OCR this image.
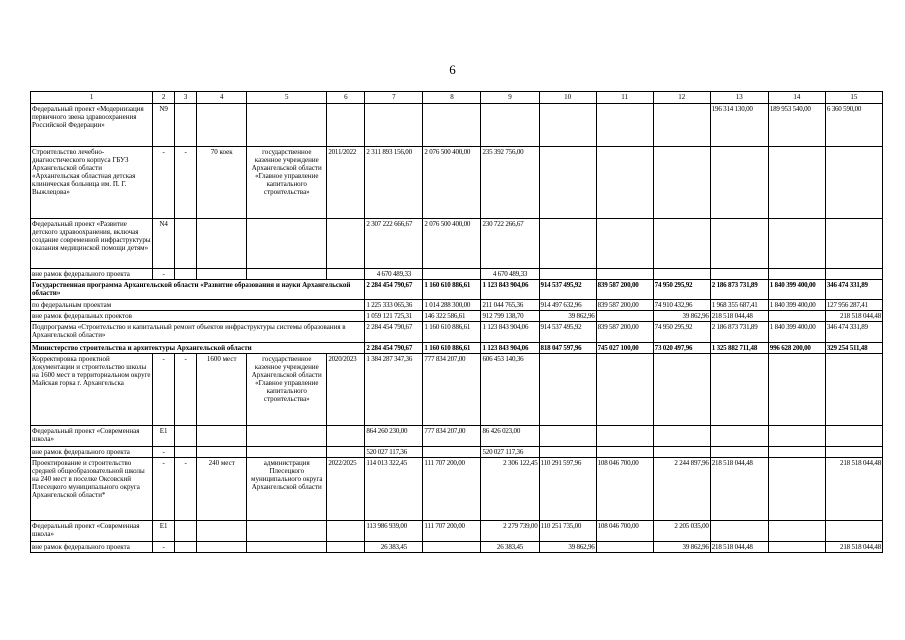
6
1	2	3	4	5	6	7	8	9	10	11	12	13	14	15
Федеральный проект «Модернизация первичного звена здравоохранения Российской Федерации»	N9											196 314 130,00	189 953 540,00	6 360 590,00
Строительство лечебно-диагностического корпуса ГБУЗ Архангельской области «Архангельская областная детская клиническая больница им. П. Г. Выжлецова»	-	-	70 коек	государственное казенное учреждение Архангельской области «Главное управление капитального строительства»	2011/2022	2 311 893 156,00	2 076 500 400,00	235 392 756,00						
Федеральный проект «Развитие детского здравоохранения, включая создание современной инфраструктуры оказания медицинской помощи детям»	N4					2 307 222 666,67	2 076 500 400,00	230 722 266,67						
вне рамок федерального проекта	-					4 670 489,33		4 670 489,33						
Государственная программа Архангельской области «Развитие образования и науки Архангельской области»						2 284 454 790,67	1 160 610 886,61	1 123 843 904,06	914 537 495,92	839 587 200,00	74 950 295,92	2 186 873 731,89	1 840 399 400,00	346 474 331,89
по федеральным проектам						1 225 333 065,36	1 014 288 300,00	211 044 765,36	914 497 632,96	839 587 200,00	74 910 432,96	1 968 355 687,41	1 840 399 400,00	127 956 287,41
вне рамок федеральных проектов						1 059 121 725,31	146 322 586,61	912 799 138,70	39 862,96		39 862,96	218 518 044,48		218 518 044,48
Подпрограмма «Строительство и капитальный ремонт объектов инфраструктуры системы образования в Архангельской области»						2 284 454 790,67	1 160 610 886,61	1 123 843 904,06	914 537 495,92	839 587 200,00	74 950 295,92	2 186 873 731,89	1 840 399 400,00	346 474 331,89
Министерство строительства и архитектуры Архангельской области						2 284 454 790,67	1 160 610 886,61	1 123 843 904,06	818 047 597,96	745 027 100,00	73 020 497,96	1 325 882 711,48	996 628 200,00	329 254 511,48
Корректировка проектной документации и строительство школы на 1600 мест в территориальном округе Майская горка г. Архангельска	-	-	1600 мест	государственное казенное учреждение Архангельской области «Главное управление капитального строительства»	2020/2023	1 384 287 347,36	777 834 207,00	606 453 140,36						
Федеральный проект «Современная школа»	E1					864 260 230,00	777 834 207,00	86 426 023,00						
вне рамок федерального проекта	-					520 027 117,36		520 027 117,36						
Проектирование и строительство средней общеобразовательной школы на 240 мест в поселке Оксовский Плесецкого муниципального округа Архангельской области*	-	-	240 мест	администрация Плесецкого муниципального округа Архангельской области	2022/2025	114 013 322,45	111 707 200,00	2 306 122,45	110 291 597,96	108 046 700,00	2 244 897,96	218 518 044,48		218 518 044,48
Федеральный проект «Современная школа»	E1					113 986 939,00	111 707 200,00	2 279 739,00	110 251 735,00	108 046 700,00	2 205 035,00			
вне рамок федерального проекта	-					26 383,45		26 383,45	39 862,96		39 862,96	218 518 044,48		218 518 044,48
